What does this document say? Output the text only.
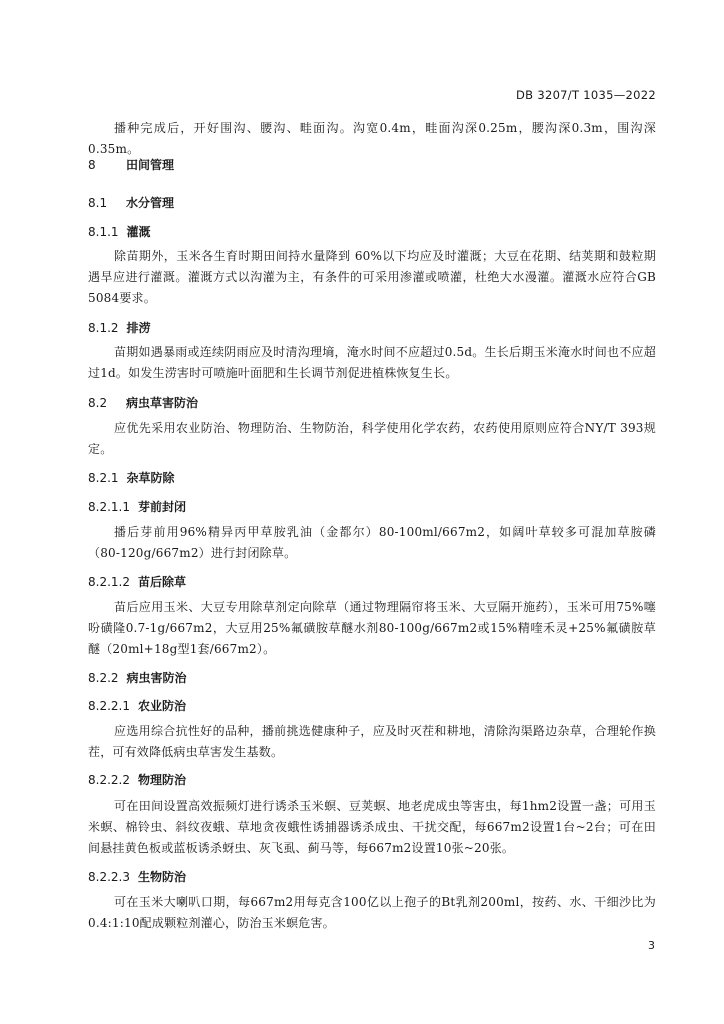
DB 3207/T 1035—2022
播种完成后，开好围沟、腰沟、畦面沟。沟宽0.4m，畦面沟深0.25m，腰沟深0.3m，围沟深0.35m。
8	田间管理
8.1 水分管理
8.1.1 灌溉
除苗期外，玉米各生育时期田间持水量降到 60%以下均应及时灌溉；大豆在花期、结荚期和鼓粒期遇旱应进行灌溉。灌溉方式以沟灌为主，有条件的可采用渗灌或喷灌，杜绝大水漫灌。灌溉水应符合GB 5084要求。
8.1.2 排涝
苗期如遇暴雨或连续阴雨应及时清沟理墒，淹水时间不应超过0.5d。生长后期玉米淹水时间也不应超过1d。如发生涝害时可喷施叶面肥和生长调节剂促进植株恢复生长。
8.2 病虫草害防治
应优先采用农业防治、物理防治、生物防治，科学使用化学农药，农药使用原则应符合NY/T 393规定。
8.2.1 杂草防除
8.2.1.1 芽前封闭
播后芽前用96%精异丙甲草胺乳油（金都尔）80-100ml/667m2，如阔叶草较多可混加草胺磷（80-120g/667m2）进行封闭除草。
8.2.1.2 苗后除草
苗后应用玉米、大豆专用除草剂定向除草（通过物理隔帘将玉米、大豆隔开施药），玉米可用75%噻吩磺隆0.7-1g/667m2，大豆用25%氟磺胺草醚水剂80-100g/667m2或15%精喹禾灵+25%氟磺胺草醚（20ml+18g型1套/667m2）。
8.2.2 病虫害防治
8.2.2.1 农业防治
应选用综合抗性好的品种，播前挑选健康种子，应及时灭茬和耕地，清除沟渠路边杂草，合理轮作换茬，可有效降低病虫草害发生基数。
8.2.2.2 物理防治
可在田间设置高效振频灯进行诱杀玉米螟、豆荚螟、地老虎成虫等害虫，每1hm2设置一盏；可用玉米螟、棉铃虫、斜纹夜蛾、草地贪夜蛾性诱捕器诱杀成虫、干扰交配，每667m2设置1台~2台；可在田间悬挂黄色板或蓝板诱杀蚜虫、灰飞虱、蓟马等，每667m2设置10张~20张。
8.2.2.3 生物防治
可在玉米大喇叭口期，每667m2用每克含100亿以上孢子的Bt乳剂200ml，按药、水、干细沙比为0.4:1:10配成颗粒剂灌心，防治玉米螟危害。
3
